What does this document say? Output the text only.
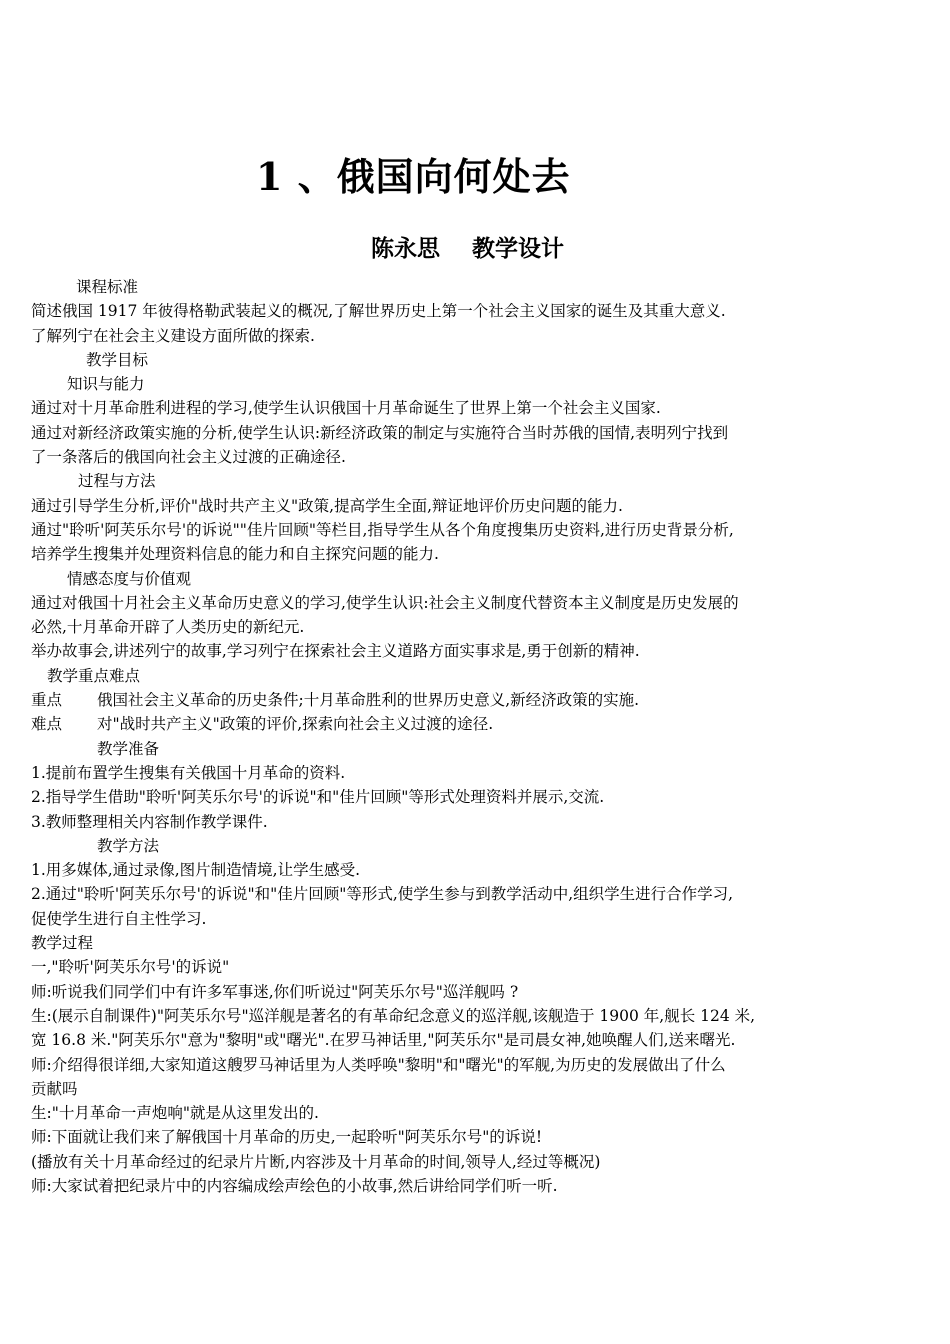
1 、俄国向何处去
陈永思    教学设计
课程标准
简述俄国 1917 年彼得格勒武装起义的概况,了解世界历史上第一个社会主义国家的诞生及其重大意义.
了解列宁在社会主义建设方面所做的探索.
教学目标
知识与能力
通过对十月革命胜利进程的学习,使学生认识俄国十月革命诞生了世界上第一个社会主义国家.
通过对新经济政策实施的分析,使学生认识:新经济政策的制定与实施符合当时苏俄的国情,表明列宁找到
了一条落后的俄国向社会主义过渡的正确途径.
过程与方法
通过引导学生分析,评价"战时共产主义"政策,提高学生全面,辩证地评价历史问题的能力.
通过"聆听'阿芙乐尔号'的诉说""佳片回顾"等栏目,指导学生从各个角度搜集历史资料,进行历史背景分析,
培养学生搜集并处理资料信息的能力和自主探究问题的能力.
情感态度与价值观
通过对俄国十月社会主义革命历史意义的学习,使学生认识:社会主义制度代替资本主义制度是历史发展的
必然,十月革命开辟了人类历史的新纪元.
举办故事会,讲述列宁的故事,学习列宁在探索社会主义道路方面实事求是,勇于创新的精神.
教学重点难点
重点 俄国社会主义革命的历史条件;十月革命胜利的世界历史意义,新经济政策的实施.
难点 对"战时共产主义"政策的评价,探索向社会主义过渡的途径.
教学准备
1.提前布置学生搜集有关俄国十月革命的资料.
2.指导学生借助"聆听'阿芙乐尔号'的诉说"和"佳片回顾"等形式处理资料并展示,交流.
3.教师整理相关内容制作教学课件.
教学方法
1.用多媒体,通过录像,图片制造情境,让学生感受.
2.通过"聆听'阿芙乐尔号'的诉说"和"佳片回顾"等形式,使学生参与到教学活动中,组织学生进行合作学习,
促使学生进行自主性学习.
教学过程
一,"聆听'阿芙乐尔号'的诉说"
师:听说我们同学们中有许多军事迷,你们听说过"阿芙乐尔号"巡洋舰吗 ?
生:(展示自制课件)"阿芙乐尔号"巡洋舰是著名的有革命纪念意义的巡洋舰,该舰造于 1900 年,舰长 124 米,
宽 16.8 米."阿芙乐尔"意为"黎明"或"曙光".在罗马神话里,"阿芙乐尔"是司晨女神,她唤醒人们,送来曙光.
师:介绍得很详细,大家知道这艘罗马神话里为人类呼唤"黎明"和"曙光"的军舰,为历史的发展做出了什么
贡献吗
生:"十月革命一声炮响"就是从这里发出的.
师:下面就让我们来了解俄国十月革命的历史,一起聆听"阿芙乐尔号"的诉说!
(播放有关十月革命经过的纪录片片断,内容涉及十月革命的时间,领导人,经过等概况)
师:大家试着把纪录片中的内容编成绘声绘色的小故事,然后讲给同学们听一听.
